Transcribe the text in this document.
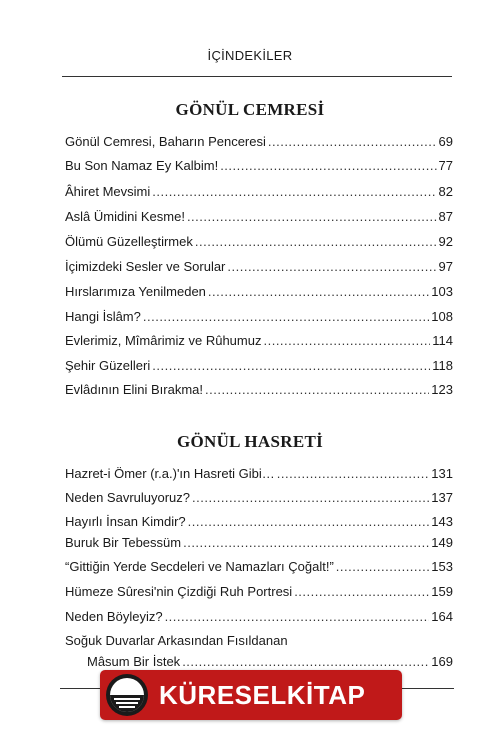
İÇİNDEKİLER
GÖNÜL CEMRESİ
Gönül Cemresi, Baharın Penceresi .....	69
Bu Son Namaz Ey Kalbim! .....	77
Âhiret Mevsimi .....	82
Aslâ Ümidini Kesme! .....	87
Ölümü Güzelleştirmek .....	92
İçimizdeki Sesler ve Sorular .....	97
Hırslarımıza Yenilmeden .....	103
Hangi İslâm? .....	108
Evlerimiz, Mîmârimiz ve Rûhumuz .....	114
Şehir Güzelleri .....	118
Evlâdının Elini Bırakma! .....	123
GÖNÜL HASRETİ
Hazret-i Ömer (r.a.)'ın Hasreti Gibi… .....	131
Neden Savruluyoruz? .....	137
Hayırlı İnsan Kimdir? .....	143
Buruk Bir Tebessüm .....	149
“Gittiğin Yerde Secdeleri ve Namazları Çoğalt!” .....	153
Hümeze Sûresi'nin Çizdiği Ruh Portresi .....	159
Neden Böyleyiz? .....	164
Soğuk Duvarlar Arkasından Fısıldanan
Mâsum Bir İstek .....	169
KÜRESELKİTAP
